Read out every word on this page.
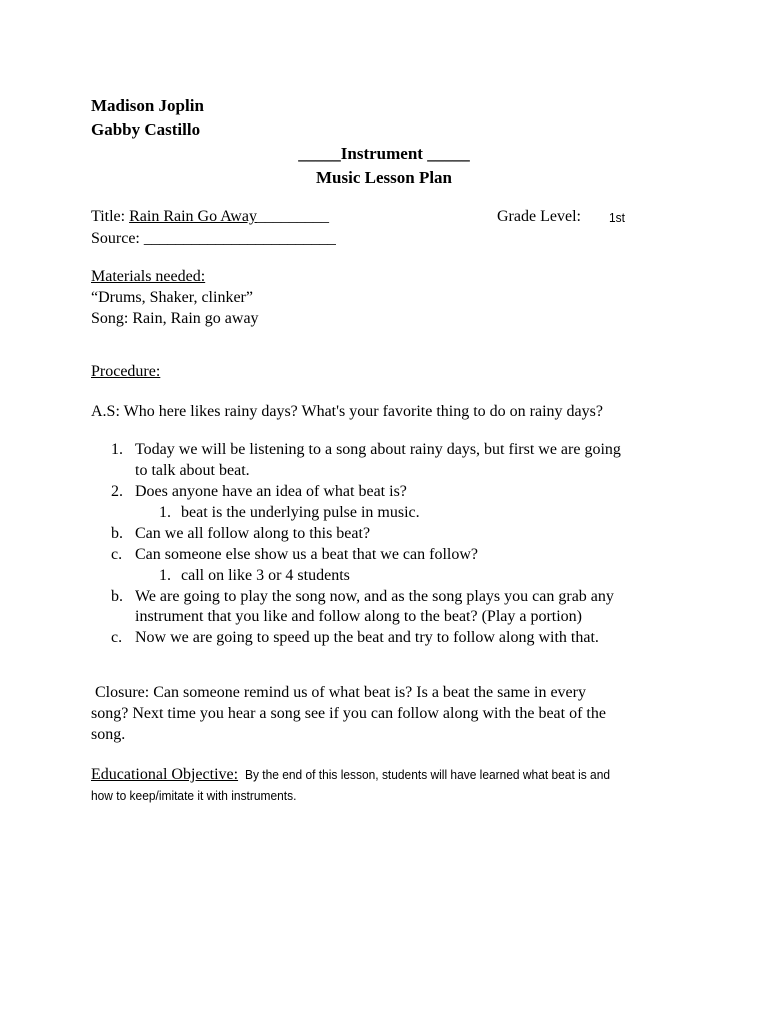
Madison Joplin
Gabby Castillo
_____Instrument _____
Music Lesson Plan
Title: Rain Rain Go Away_________	Grade Level: 1st
Source: ________________________
Materials needed:
“Drums, Shaker, clinker”
Song: Rain, Rain go away
Procedure:
A.S: Who here likes rainy days? What's your favorite thing to do on rainy days?
1. Today we will be listening to a song about rainy days, but first we are going
to talk about beat.
2. Does anyone have an idea of what beat is?
1. beat is the underlying pulse in music.
b. Can we all follow along to this beat?
c. Can someone else show us a beat that we can follow?
1. call on like 3 or 4 students
b. We are going to play the song now, and as the song plays you can grab any
instrument that you like and follow along to the beat? (Play a portion)
c. Now we are going to speed up the beat and try to follow along with that.
Closure: Can someone remind us of what beat is? Is a beat the same in every
song? Next time you hear a song see if you can follow along with the beat of the
song.
Educational Objective: By the end of this lesson, students will have learned what beat is and
how to keep/imitate it with instruments.
